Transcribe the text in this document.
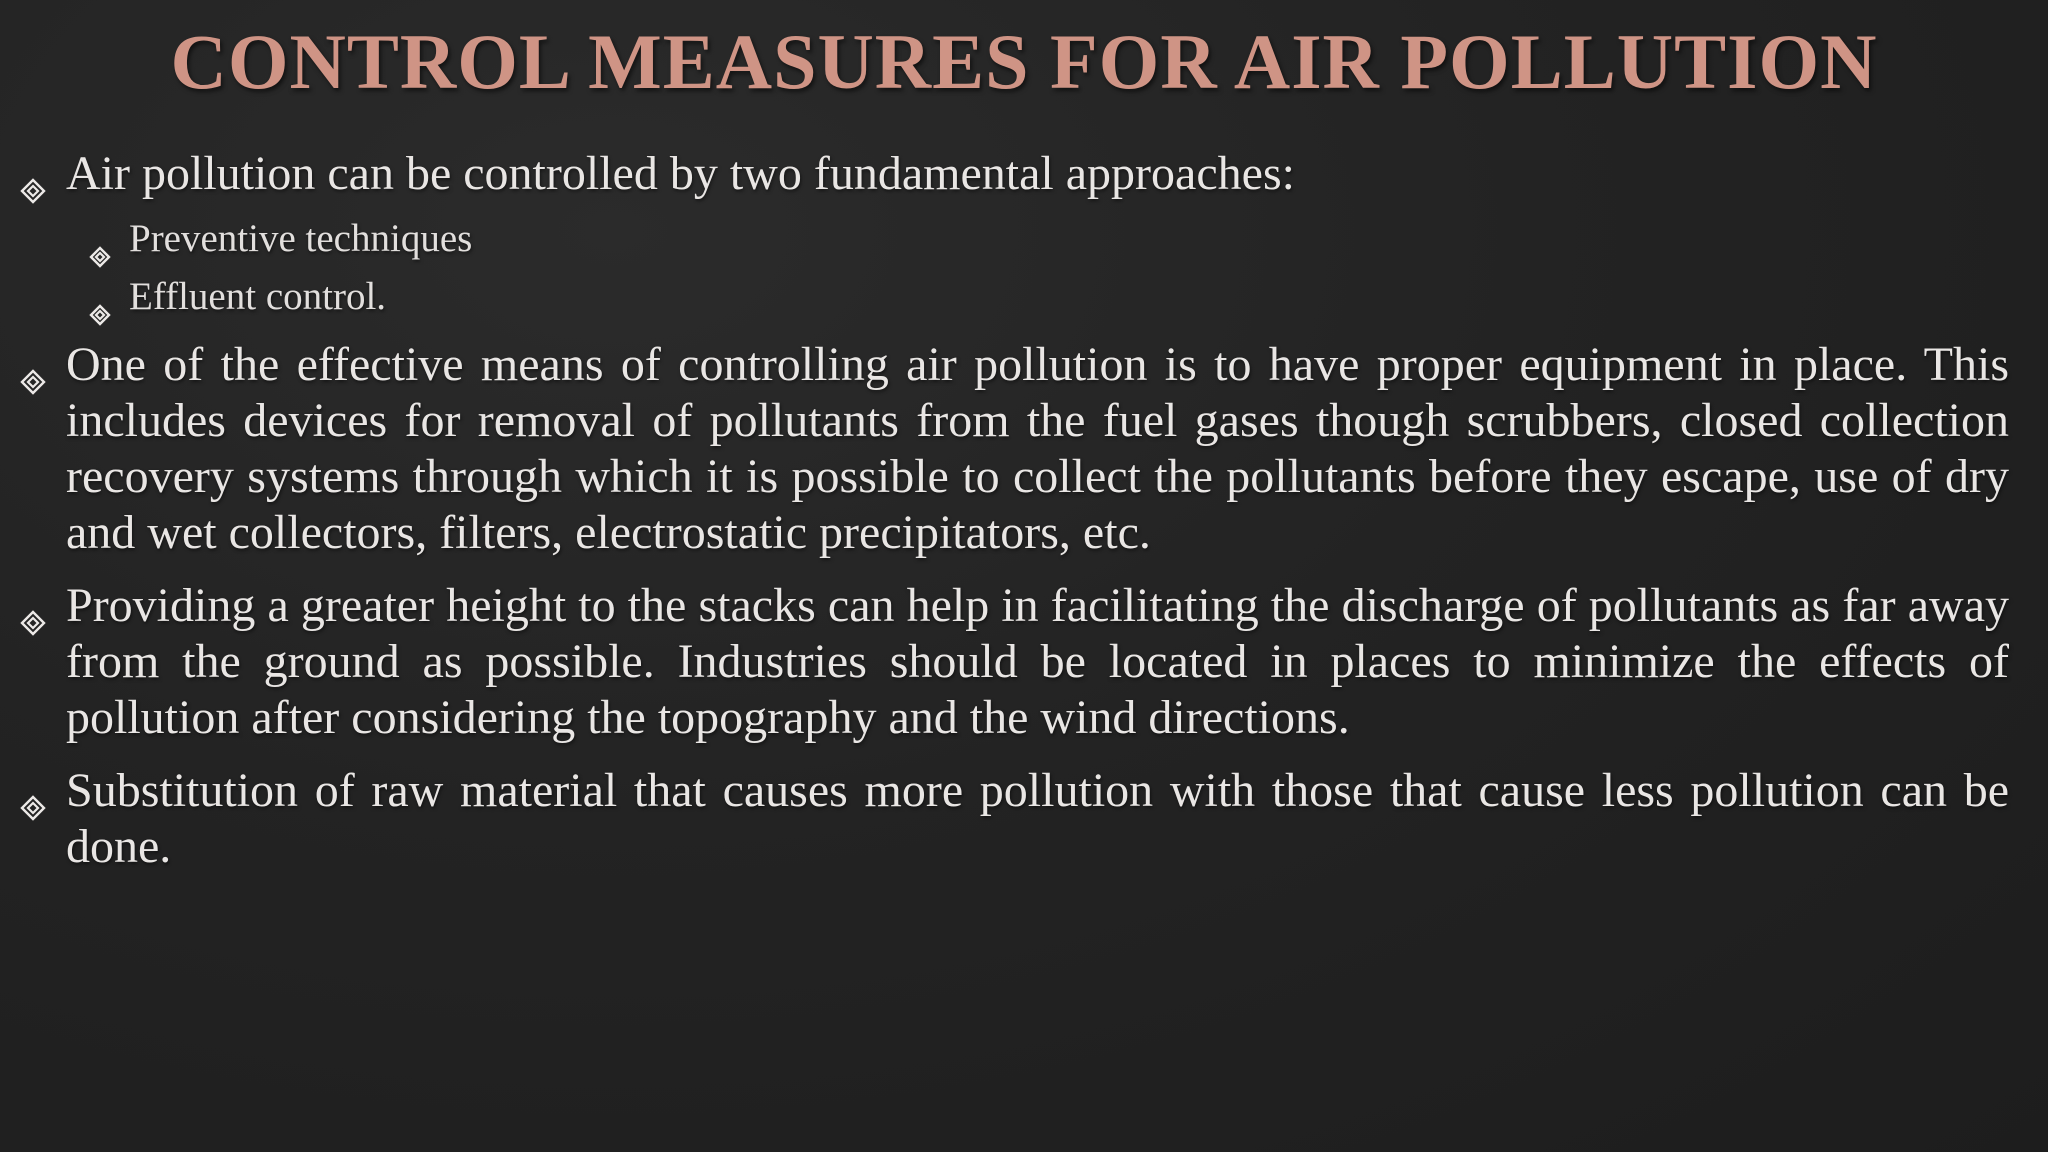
CONTROL MEASURES FOR AIR POLLUTION
Air pollution can be controlled by two fundamental approaches:
Preventive techniques
Effluent control.
One of the effective means of controlling air pollution is to have proper equipment in place. This includes devices for removal of pollutants from the fuel gases though scrubbers, closed collection recovery systems through which it is possible to collect the pollutants before they escape, use of dry and wet collectors, filters, electrostatic precipitators, etc.
Providing a greater height to the stacks can help in facilitating the discharge of pollutants as far away from the ground as possible. Industries should be located in places to minimize the effects of pollution after considering the topography and the wind directions.
Substitution of raw material that causes more pollution with those that cause less pollution can be done.
